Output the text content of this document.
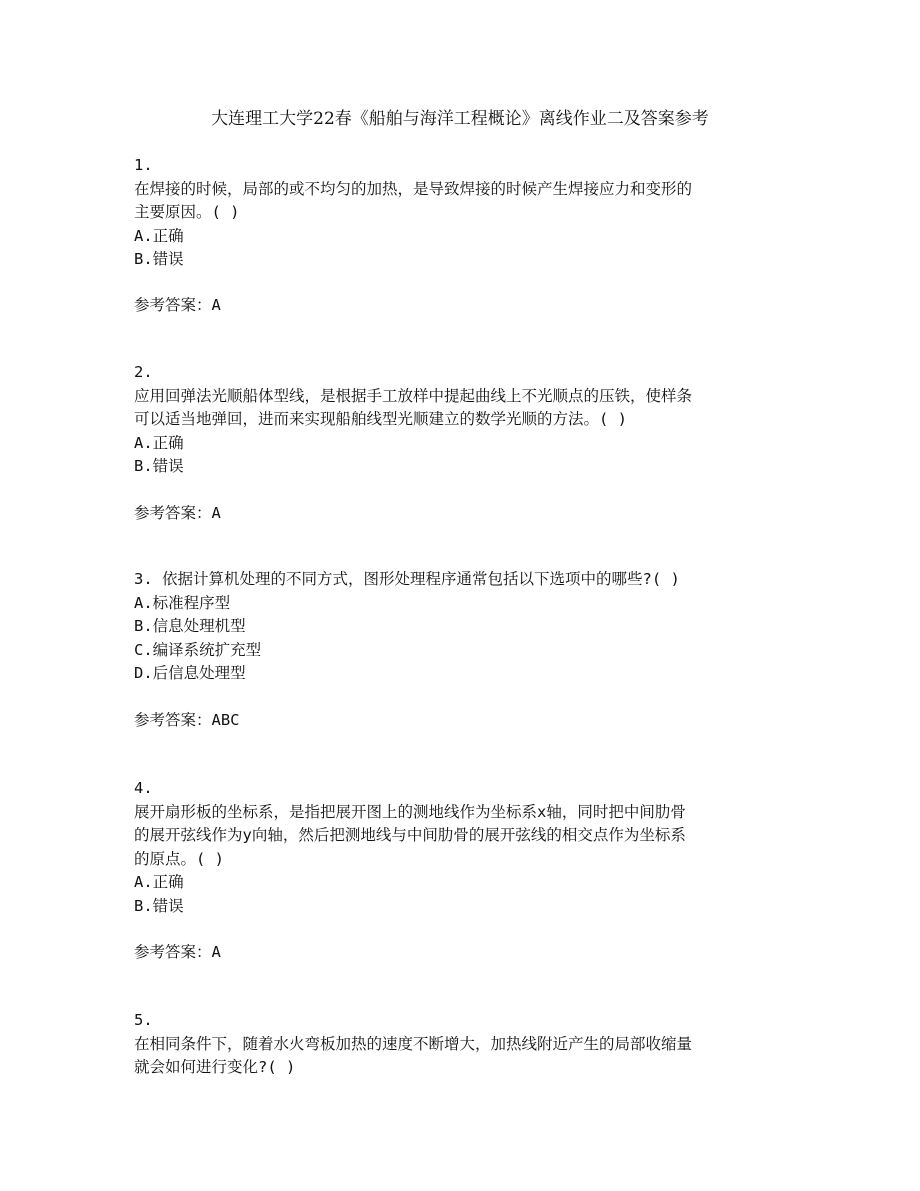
大连理工大学22春《船舶与海洋工程概论》离线作业二及答案参考
1.
在焊接的时候，局部的或不均匀的加热，是导致焊接的时候产生焊接应力和变形的
主要原因。( )
A.正确
B.错误
参考答案：A
2.
应用回弹法光顺船体型线，是根据手工放样中提起曲线上不光顺点的压铁，使样条
可以适当地弹回，进而来实现船舶线型光顺建立的数学光顺的方法。( )
A.正确
B.错误
参考答案：A
3. 依据计算机处理的不同方式，图形处理程序通常包括以下选项中的哪些?( )
A.标准程序型
B.信息处理机型
C.编译系统扩充型
D.后信息处理型
参考答案：ABC
4.
展开扇形板的坐标系，是指把展开图上的测地线作为坐标系x轴，同时把中间肋骨
的展开弦线作为y向轴，然后把测地线与中间肋骨的展开弦线的相交点作为坐标系
的原点。( )
A.正确
B.错误
参考答案：A
5.
在相同条件下，随着水火弯板加热的速度不断增大，加热线附近产生的局部收缩量
就会如何进行变化?( )
